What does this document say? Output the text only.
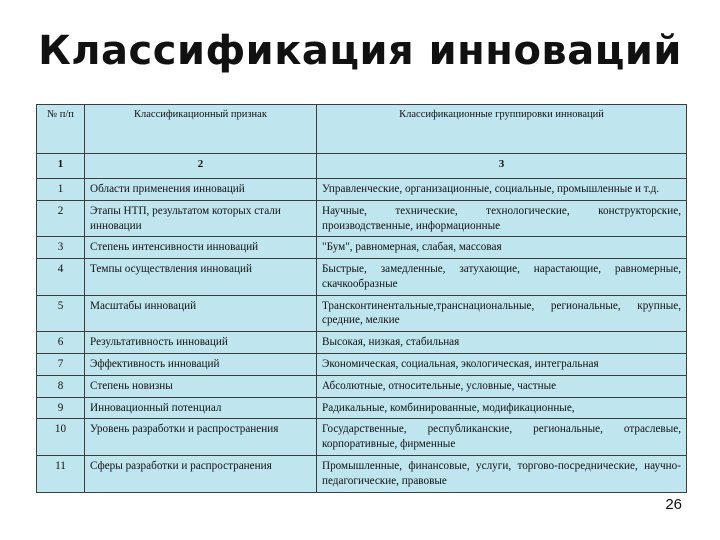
Классификация инноваций
№ п/п	Классификационный признак	Классификационные группировки инноваций
1	2	3
1	Области применения инноваций	Управленческие, организационные, социальные, промышленные и т.д.
2	Этапы НТП, результатом которых стали инновации	Научные, технические, технологические, конструкторские, производственные, информационные
3	Степень интенсивности инноваций	"Бум", равномерная, слабая, массовая
4	Темпы осуществления инноваций	Быстрые, замедленные, затухающие, нарастающие, равномерные, скачкообразные
5	Масштабы инноваций	Трансконтинентальные,транснациональные, региональные, крупные, средние, мелкие
6	Результативность инноваций	Высокая, низкая, стабильная
7	Эффективность инноваций	Экономическая, социальная, экологическая, интегральная
8	Степень новизны	Абсолютные, относительные, условные, частные
9	Инновационный потенциал	Радикальные, комбинированные, модификационные,
10	Уровень разработки и распространения	Государственные, республиканские, региональные, отраслевые, корпоративные, фирменные
11	Сферы разработки и распространения	Промышленные, финансовые, услуги, торгово-посреднические, научно-педагогические, правовые
26
